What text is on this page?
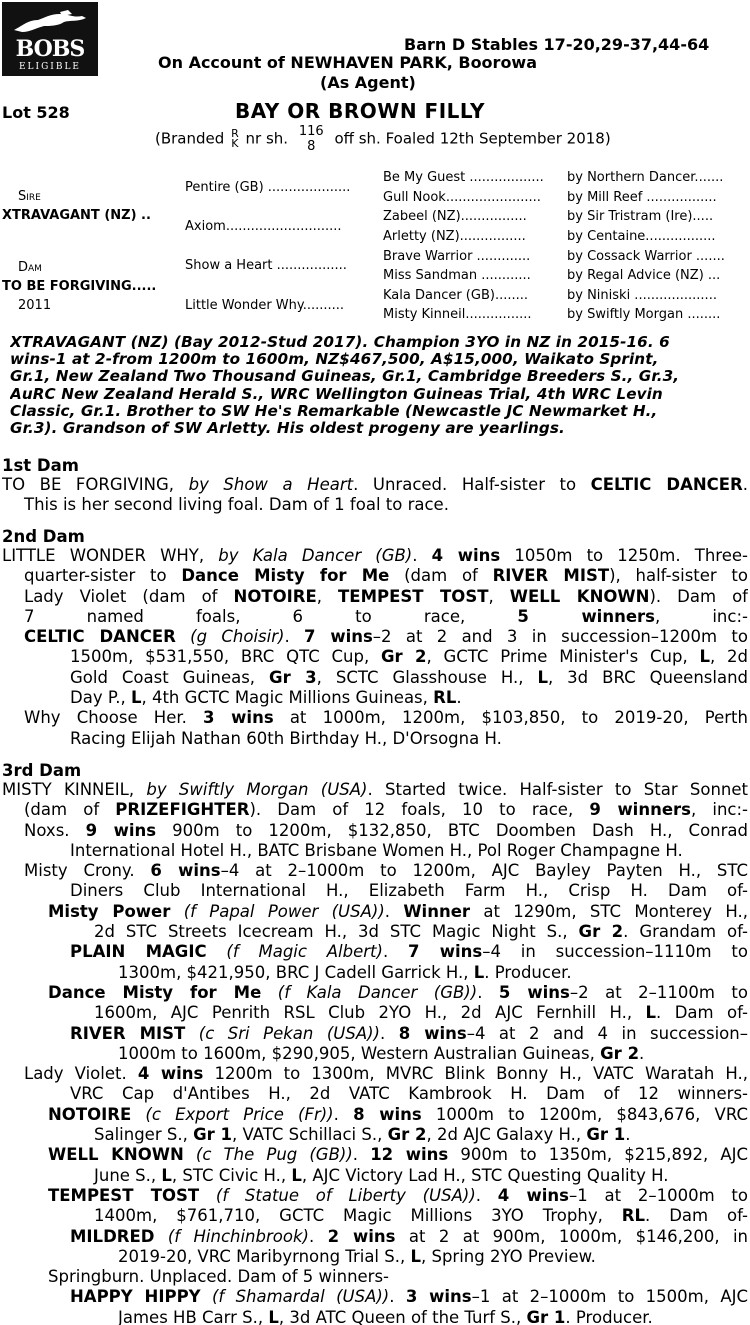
BOBS
ELIGIBLE
Barn D Stables 17-20,29-37,44-64
On Account of NEWHAVEN PARK, Boorowa
(As Agent)
Lot 528	BAY OR BROWN FILLY
(Branded R
K nr sh. 116
8 off sh. Foaled 12th September 2018)
Sire
XTRAVAGANT (NZ) ..
Dam
TO BE FORGIVING.....
2011
Pentire (GB) ....................
Axiom............................
Show a Heart .................
Little Wonder Why..........
Be My Guest ..................
Gull Nook.......................
Zabeel (NZ)................
Arletty (NZ)................
Brave Warrior .............
Miss Sandman ............
Kala Dancer (GB)........
Misty Kinneil................
by Northern Dancer.......
by Mill Reef .................
by Sir Tristram (Ire).....
by Centaine.................
by Cossack Warrior .......
by Regal Advice (NZ) ...
by Niniski ....................
by Swiftly Morgan ........
XTRAVAGANT (NZ) (Bay 2012-Stud 2017). Champion 3YO in NZ in 2015-16. 6
wins-1 at 2-from 1200m to 1600m, NZ$467,500, A$15,000, Waikato Sprint,
Gr.1, New Zealand Two Thousand Guineas, Gr.1, Cambridge Breeders S., Gr.3,
AuRC New Zealand Herald S., WRC Wellington Guineas Trial, 4th WRC Levin
Classic, Gr.1. Brother to SW He's Remarkable (Newcastle JC Newmarket H.,
Gr.3). Grandson of SW Arletty. His oldest progeny are yearlings.
1st Dam
TO BE FORGIVING, by Show a Heart. Unraced. Half-sister to CELTIC DANCER.
This is her second living foal. Dam of 1 foal to race.
2nd Dam
LITTLE WONDER WHY, by Kala Dancer (GB). 4 wins 1050m to 1250m. Three-
quarter-sister to Dance Misty for Me (dam of RIVER MIST), half-sister to
Lady Violet (dam of NOTOIRE, TEMPEST TOST, WELL KNOWN). Dam of
7 named foals, 6 to race, 5 winners, inc:-
CELTIC DANCER (g Choisir). 7 wins–2 at 2 and 3 in succession–1200m to
1500m, $531,550, BRC QTC Cup, Gr 2, GCTC Prime Minister's Cup, L, 2d
Gold Coast Guineas, Gr 3, SCTC Glasshouse H., L, 3d BRC Queensland
Day P., L, 4th GCTC Magic Millions Guineas, RL.
Why Choose Her. 3 wins at 1000m, 1200m, $103,850, to 2019-20, Perth
Racing Elijah Nathan 60th Birthday H., D'Orsogna H.
3rd Dam
MISTY KINNEIL, by Swiftly Morgan (USA). Started twice. Half-sister to Star Sonnet
(dam of PRIZEFIGHTER). Dam of 12 foals, 10 to race, 9 winners, inc:-
Noxs. 9 wins 900m to 1200m, $132,850, BTC Doomben Dash H., Conrad
International Hotel H., BATC Brisbane Women H., Pol Roger Champagne H.
Misty Crony. 6 wins–4 at 2–1000m to 1200m, AJC Bayley Payten H., STC
Diners Club International H., Elizabeth Farm H., Crisp H. Dam of-
Misty Power (f Papal Power (USA)). Winner at 1290m, STC Monterey H.,
2d STC Streets Icecream H., 3d STC Magic Night S., Gr 2. Grandam of-
PLAIN MAGIC (f Magic Albert). 7 wins–4 in succession–1110m to
1300m, $421,950, BRC J Cadell Garrick H., L. Producer.
Dance Misty for Me (f Kala Dancer (GB)). 5 wins–2 at 2–1100m to
1600m, AJC Penrith RSL Club 2YO H., 2d AJC Fernhill H., L. Dam of-
RIVER MIST (c Sri Pekan (USA)). 8 wins–4 at 2 and 4 in succession–
1000m to 1600m, $290,905, Western Australian Guineas, Gr 2.
Lady Violet. 4 wins 1200m to 1300m, MVRC Blink Bonny H., VATC Waratah H.,
VRC Cap d'Antibes H., 2d VATC Kambrook H. Dam of 12 winners-
NOTOIRE (c Export Price (Fr)). 8 wins 1000m to 1200m, $843,676, VRC
Salinger S., Gr 1, VATC Schillaci S., Gr 2, 2d AJC Galaxy H., Gr 1.
WELL KNOWN (c The Pug (GB)). 12 wins 900m to 1350m, $215,892, AJC
June S., L, STC Civic H., L, AJC Victory Lad H., STC Questing Quality H.
TEMPEST TOST (f Statue of Liberty (USA)). 4 wins–1 at 2–1000m to
1400m, $761,710, GCTC Magic Millions 3YO Trophy, RL. Dam of-
MILDRED (f Hinchinbrook). 2 wins at 2 at 900m, 1000m, $146,200, in
2019-20, VRC Maribyrnong Trial S., L, Spring 2YO Preview.
Springburn. Unplaced. Dam of 5 winners-
HAPPY HIPPY (f Shamardal (USA)). 3 wins–1 at 2–1000m to 1500m, AJC
James HB Carr S., L, 3d ATC Queen of the Turf S., Gr 1. Producer.
